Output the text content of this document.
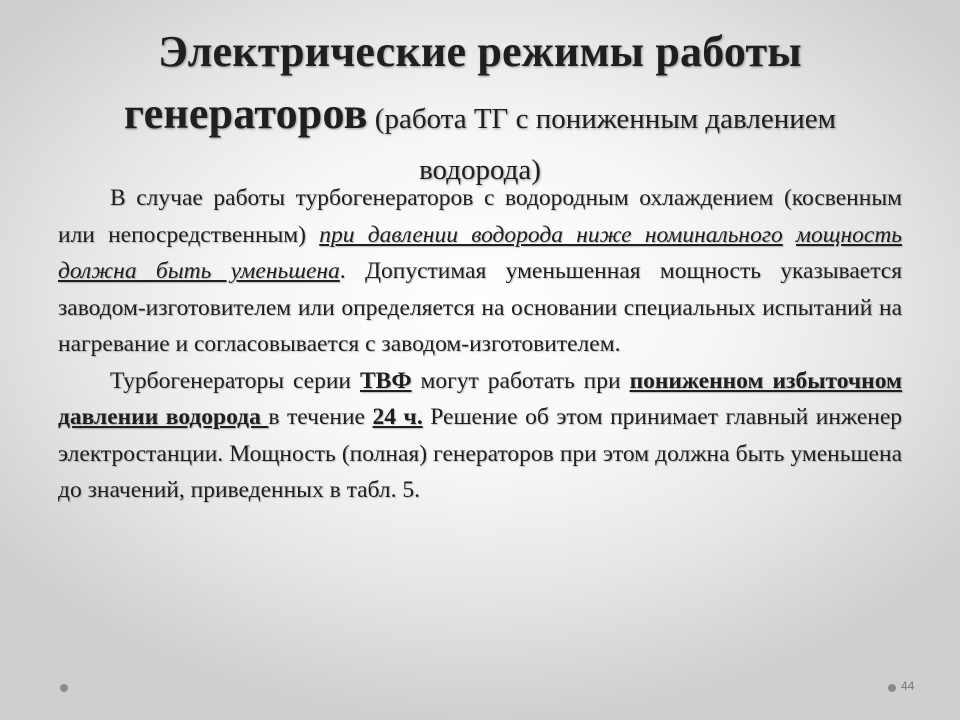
Электрические режимы работы
генераторов (работа ТГ с пониженным давлением
водорода)

В случае работы турбогенераторов с водородным охлаждением (косвенным или непосредственным) при давлении водорода ниже номинального мощность должна быть уменьшена. Допустимая уменьшенная мощность указывается заводом-изготовителем или определяется на основании специальных испытаний на нагревание и согласовывается с заводом-изготовителем.

Турбогенераторы серии ТВФ могут работать при пониженном избыточном давлении водорода в течение 24 ч. Решение об этом принимает главный инженер электростанции. Мощность (полная) генераторов при этом должна быть уменьшена до значений, приведенных в табл. 5.

44
